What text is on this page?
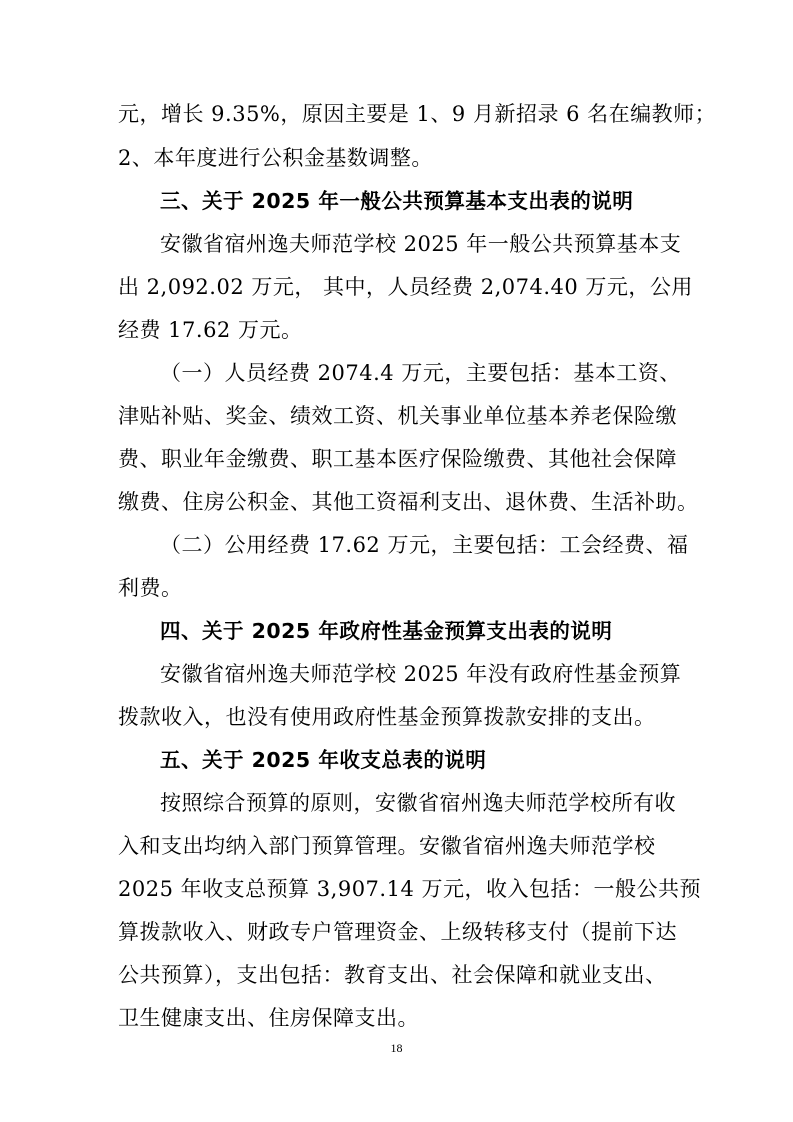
元，增长 9.35%，原因主要是 1、9 月新招录 6 名在编教师；
2、本年度进行公积金基数调整。
三、关于 2025 年一般公共预算基本支出表的说明
安徽省宿州逸夫师范学校 2025 年一般公共预算基本支
出 2,092.02 万元， 其中，人员经费 2,074.40 万元，公用
经费 17.62 万元。
（一）人员经费 2074.4 万元，主要包括：基本工资、
津贴补贴、奖金、绩效工资、机关事业单位基本养老保险缴
费、职业年金缴费、职工基本医疗保险缴费、其他社会保障
缴费、住房公积金、其他工资福利支出、退休费、生活补助。
（二）公用经费 17.62 万元，主要包括：工会经费、福
利费。
四、关于 2025 年政府性基金预算支出表的说明
安徽省宿州逸夫师范学校 2025 年没有政府性基金预算
拨款收入，也没有使用政府性基金预算拨款安排的支出。
五、关于 2025 年收支总表的说明
按照综合预算的原则，安徽省宿州逸夫师范学校所有收
入和支出均纳入部门预算管理。安徽省宿州逸夫师范学校
2025 年收支总预算 3,907.14 万元，收入包括：一般公共预
算拨款收入、财政专户管理资金、上级转移支付（提前下达
公共预算），支出包括：教育支出、社会保障和就业支出、
卫生健康支出、住房保障支出。
18
